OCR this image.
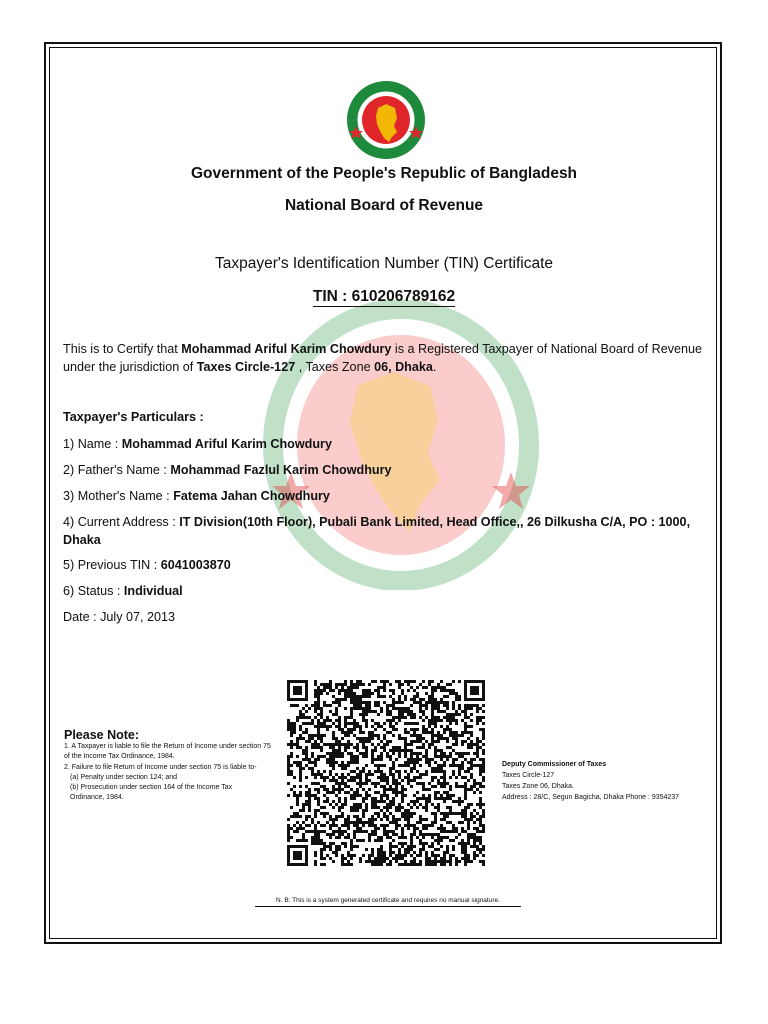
Government of the People's Republic of Bangladesh
National Board of Revenue
Taxpayer's Identification Number (TIN) Certificate
TIN : 610206789162
This is to Certify that Mohammad Ariful Karim Chowdury is a Registered Taxpayer of National Board of Revenue under the jurisdiction of Taxes Circle-127 , Taxes Zone 06, Dhaka.
Taxpayer's Particulars :
1) Name : Mohammad Ariful Karim Chowdury
2) Father's Name : Mohammad Fazlul Karim Chowdhury
3) Mother's Name : Fatema Jahan Chowdhury
4) Current Address : IT Division(10th Floor), Pubali Bank Limited, Head Office,, 26 Dilkusha C/A, PO : 1000, Dhaka
5) Previous TIN : 6041003870
6) Status : Individual
Date : July 07, 2013
Please Note:
1. A Taxpayer is liable to file the Return of Income under section 75 of the Income Tax Ordinance, 1984.
2. Failure to file Return of Income under section 75 is liable to-
(a) Penalty under section 124; and
(b) Prosecution under section 164 of the Income Tax Ordinance, 1984.
Deputy Commissioner of Taxes
Taxes Circle-127
Taxes Zone 06, Dhaka.
Address : 28/C, Segun Bagicha, Dhaka Phone : 9354237
N. B: This is a system generated certificate and requires no manual signature.
